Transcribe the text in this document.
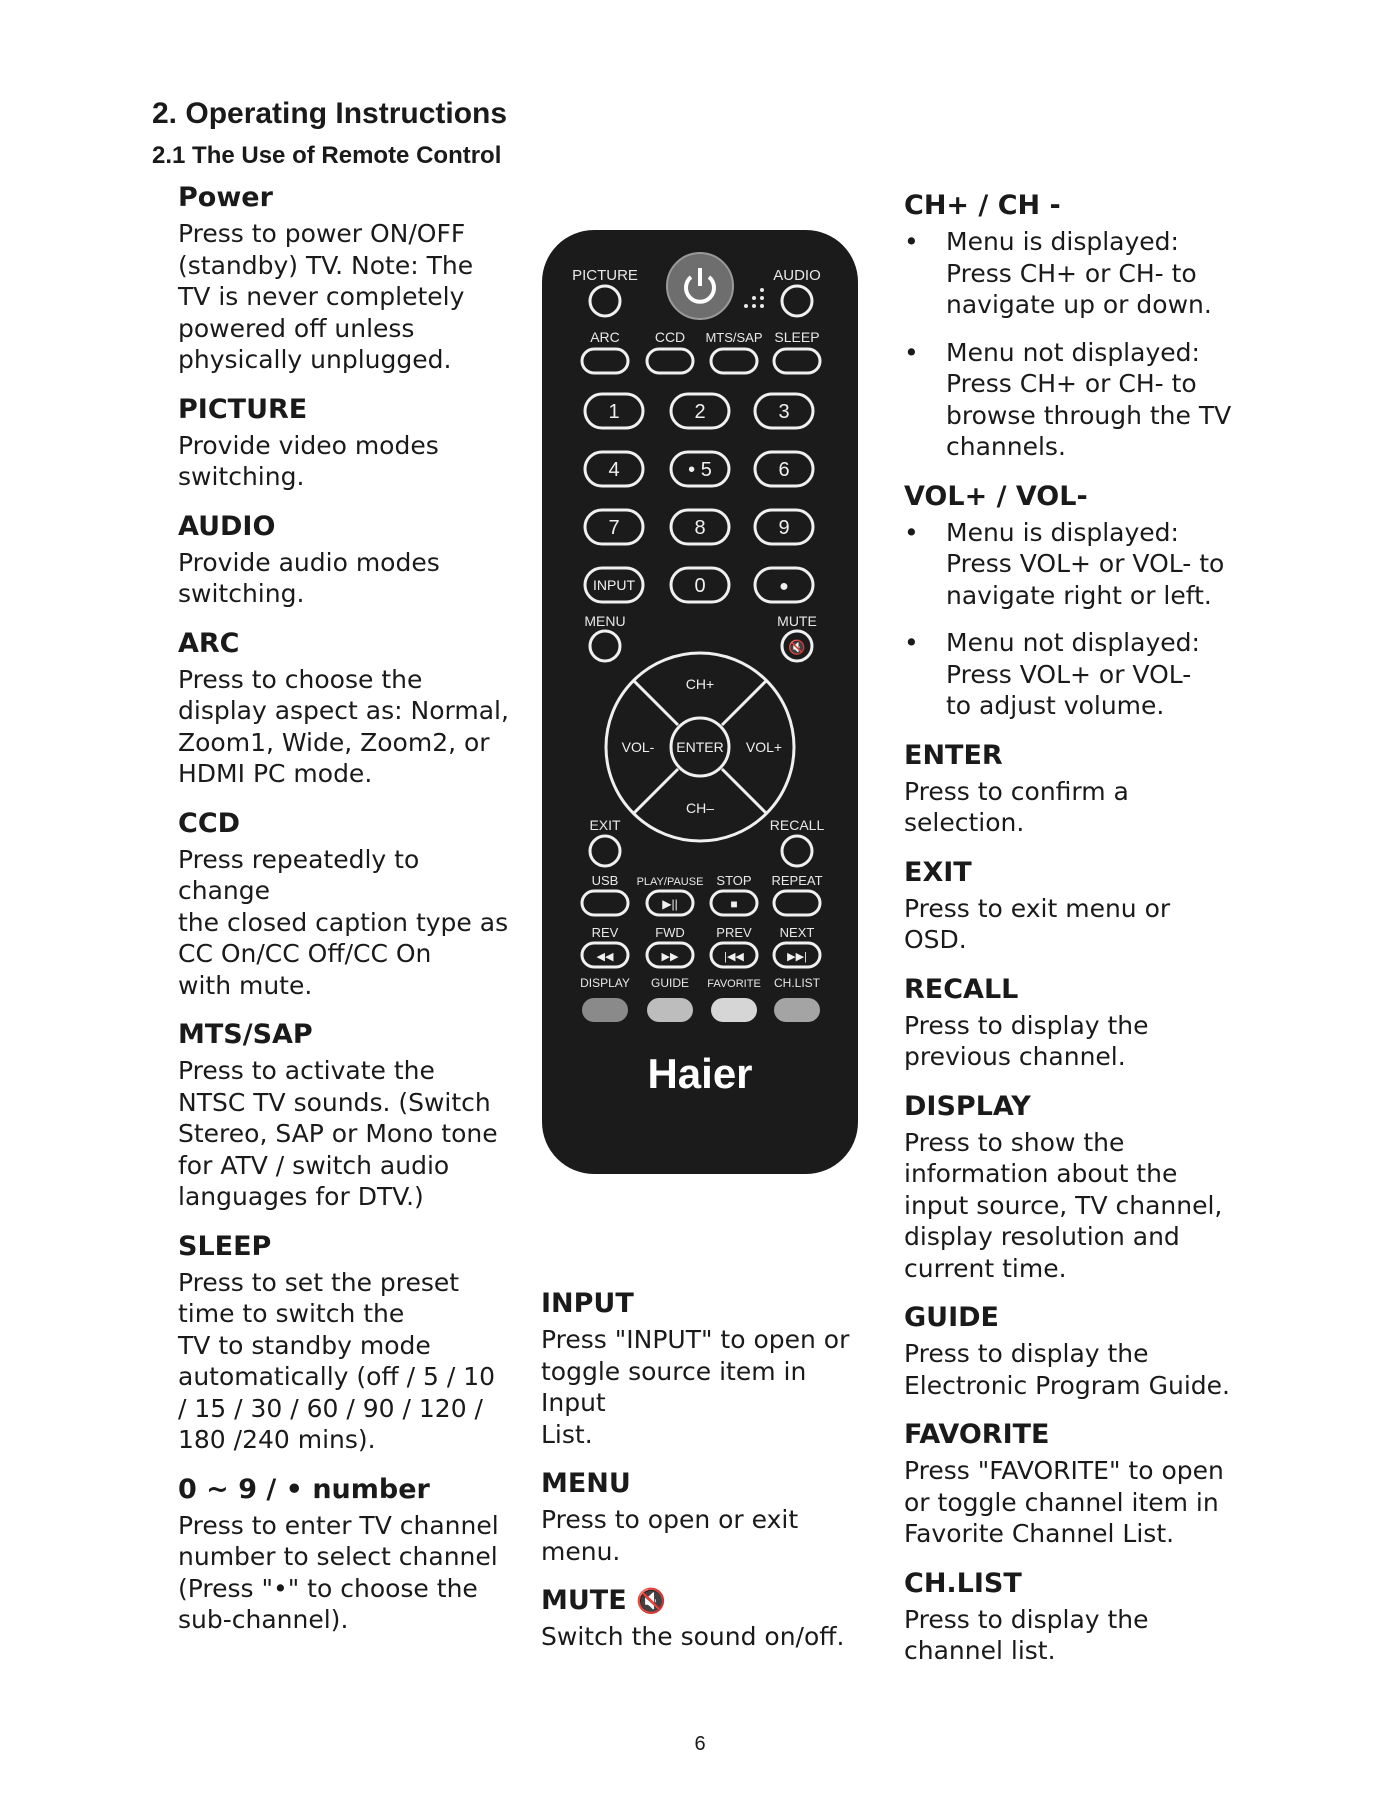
2. Operating Instructions
2.1 The Use of Remote Control

Power

Press to power ON/OFF
(standby) TV. Note: The
TV is never completely
powered off unless
physically unplugged.

PICTURE

Provide video modes
switching.

AUDIO

Provide audio modes
switching.

ARC

Press to choose the
display aspect as: Normal,
Zoom1, Wide, Zoom2, or
HDMI PC mode.

CCD

Press repeatedly to change
the closed caption type as
CC On/CC Off/CC On
with mute.

MTS/SAP

Press to activate the
NTSC TV sounds. (Switch
Stereo, SAP or Mono tone
for ATV / switch audio
languages for DTV.)

SLEEP

Press to set the preset
time to switch the
TV to standby mode
automatically (off / 5 / 10
/ 15 / 30 / 60 / 90 / 120 /
180 /240 mins).

0 ~ 9 / • number

Press to enter TV channel
number to select channel
(Press "•" to choose the
sub-channel).

INPUT

Press "INPUT" to open or
toggle source item in Input
List.

MENU

Press to open or exit
menu.

MUTE 🔇

Switch the sound on/off.

CH+ / CH -

• Menu is displayed:
Press CH+ or CH- to
navigate up or down.
• Menu not displayed:
Press CH+ or CH- to
browse through the TV
channels.

VOL+ / VOL-

• Menu is displayed:
Press VOL+ or VOL- to
navigate right or left.
• Menu not displayed:
Press VOL+ or VOL-
to adjust volume.

ENTER

Press to confirm a
selection.

EXIT

Press to exit menu or
OSD.

RECALL

Press to display the
previous channel.

DISPLAY

Press to show the
information about the
input source, TV channel,
display resolution and
current time.

GUIDE

Press to display the
Electronic Program Guide.

FAVORITE

Press "FAVORITE" to open
or toggle channel item in
Favorite Channel List.

CH.LIST

Press to display the
channel list.

PICTURE	AUDIO
ARC	CCD MTS/SAP SLEEP
1	2	3
4	• 5	6
7	8	9
INPUT	0	●
MENU	MUTE
🔇
CH+
CH–
VOL-	VOL+
ENTER
EXIT	RECALL
USB PLAY/PAUSE STOP REPEAT
▶||	■
REV	FWD PREV NEXT
◀◀	▶▶	|◀◀	▶▶|
DISPLAY GUIDE FAVORITE CH.LIST
Haier
6
